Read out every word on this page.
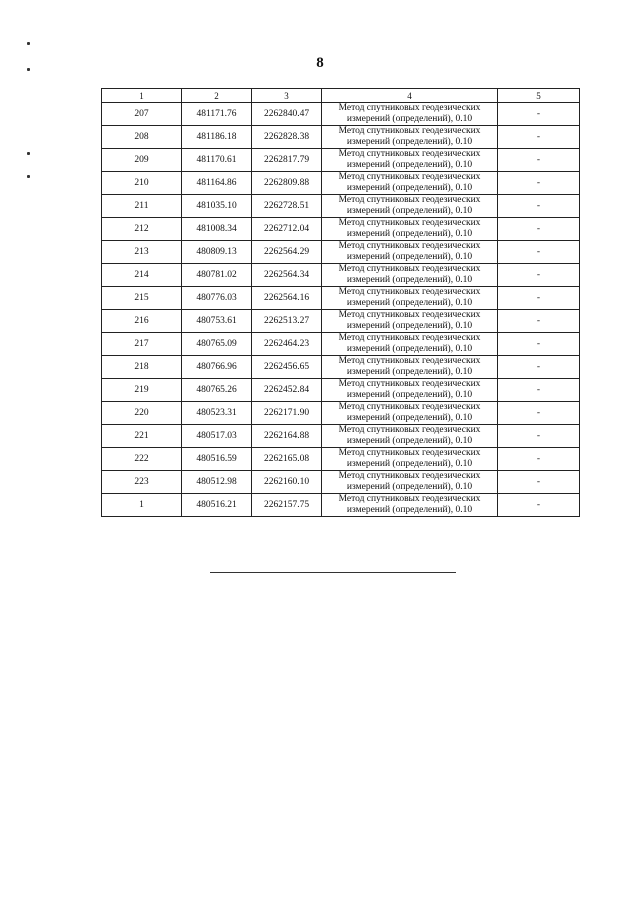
8
1	2	3	4	5
207	481171.76	2262840.47	Метод спутниковых геодезических
измерений (определений), 0.10	-
208	481186.18	2262828.38	Метод спутниковых геодезических
измерений (определений), 0.10	-
209	481170.61	2262817.79	Метод спутниковых геодезических
измерений (определений), 0.10	-
210	481164.86	2262809.88	Метод спутниковых геодезических
измерений (определений), 0.10	-
211	481035.10	2262728.51	Метод спутниковых геодезических
измерений (определений), 0.10	-
212	481008.34	2262712.04	Метод спутниковых геодезических
измерений (определений), 0.10	-
213	480809.13	2262564.29	Метод спутниковых геодезических
измерений (определений), 0.10	-
214	480781.02	2262564.34	Метод спутниковых геодезических
измерений (определений), 0.10	-
215	480776.03	2262564.16	Метод спутниковых геодезических
измерений (определений), 0.10	-
216	480753.61	2262513.27	Метод спутниковых геодезических
измерений (определений), 0.10	-
217	480765.09	2262464.23	Метод спутниковых геодезических
измерений (определений), 0.10	-
218	480766.96	2262456.65	Метод спутниковых геодезических
измерений (определений), 0.10	-
219	480765.26	2262452.84	Метод спутниковых геодезических
измерений (определений), 0.10	-
220	480523.31	2262171.90	Метод спутниковых геодезических
измерений (определений), 0.10	-
221	480517.03	2262164.88	Метод спутниковых геодезических
измерений (определений), 0.10	-
222	480516.59	2262165.08	Метод спутниковых геодезических
измерений (определений), 0.10	-
223	480512.98	2262160.10	Метод спутниковых геодезических
измерений (определений), 0.10	-
1	480516.21	2262157.75	Метод спутниковых геодезических
измерений (определений), 0.10	-
